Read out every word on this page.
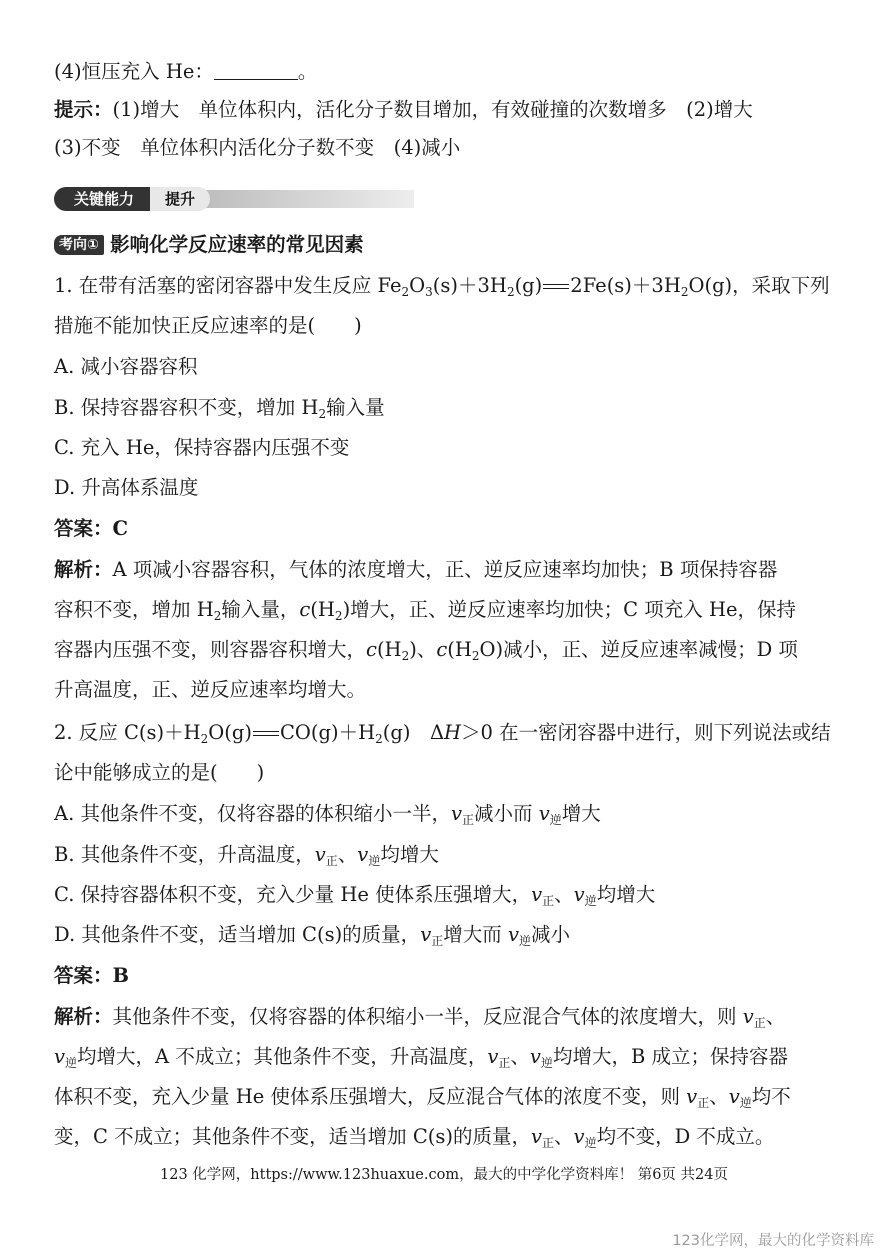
(4)恒压充入 He：	。
提示：(1)增大　单位体积内，活化分子数目增加，有效碰撞的次数增多　(2)增大
(3)不变　单位体积内活化分子数不变　(4)减小
关键能力	提升
考向① 影响化学反应速率的常见因素
1. 在带有活塞的密闭容器中发生反应 $Fe_2O_3(s)+3H_2(g)$ $2Fe(s)+3H_2O(g)$，采取下列
措施不能加快正反应速率的是(　　)
A. 减小容器容积
B. 保持容器容积不变，增加 $H_2$输入量
C. 充入 He，保持容器内压强不变
D. 升高体系温度
答案：C
解析：A 项减小容器容积，气体的浓度增大，正、逆反应速率均加快；B 项保持容器
容积不变，增加 $H_2$输入量，$c(H_2)$增大，正、逆反应速率均加快；C 项充入 He，保持
容器内压强不变，则容器容积增大，$c(H_2)$、$c(H_2O)$减小，正、逆反应速率减慢；D 项
升高温度，正、逆反应速率均增大。
2. 反应 $C(s)+H_2O(g)$ $CO(g)+H_2(g)$　ΔH＞0 在一密闭容器中进行，则下列说法或结
论中能够成立的是(　　)
A. 其他条件不变，仅将容器的体积缩小一半，$v_正$减小而 $v_逆$增大
B. 其他条件不变，升高温度，$v_正$、$v_逆$均增大
C. 保持容器体积不变，充入少量 He 使体系压强增大，$v_正$、$v_逆$均增大
D. 其他条件不变，适当增加 C(s)的质量，$v_正$增大而 $v_逆$减小
答案：B
解析：其他条件不变，仅将容器的体积缩小一半，反应混合气体的浓度增大，则 $v_正$、
$v_逆$均增大，A 不成立；其他条件不变，升高温度，$v_正$、$v_逆$均增大，B 成立；保持容器
体积不变，充入少量 He 使体系压强增大，反应混合气体的浓度不变，则 $v_正$、$v_逆$均不
变，C 不成立；其他条件不变，适当增加 C(s)的质量，$v_正$、$v_逆$均不变，D 不成立。
123 化学网，https://www.123huaxue.com，最大的中学化学资料库！ 第6页 共24页
123化学网，最大的化学资料库
